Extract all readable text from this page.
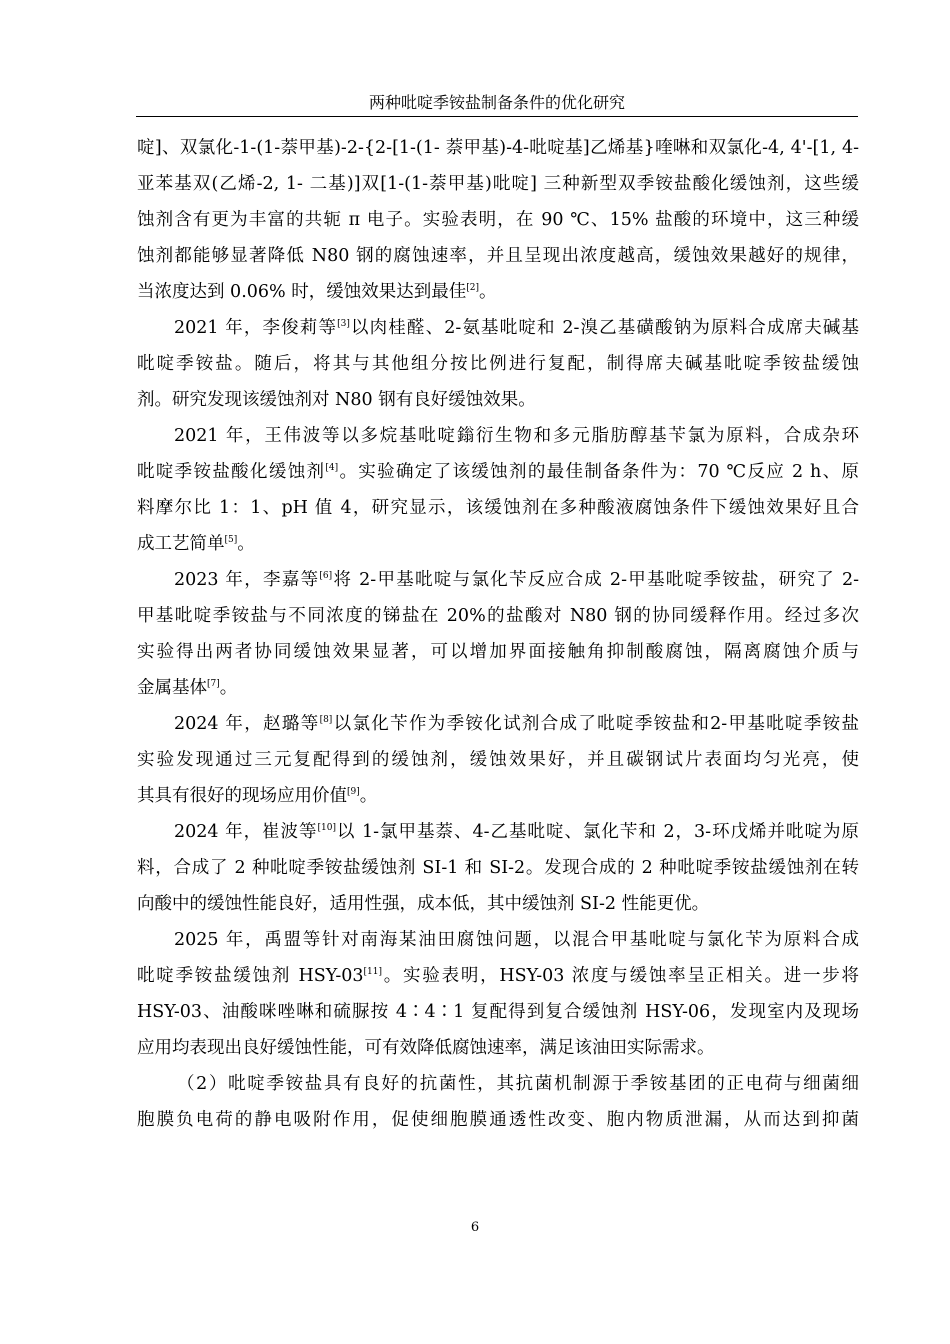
两种吡啶季铵盐制备条件的优化研究
啶]、双氯化-1-(1-萘甲基)-2-{2-[1-(1- 萘甲基)-4-吡啶基]乙烯基}喹啉和双氯化-4, 4'-[1, 4-
亚苯基双(乙烯-2, 1- 二基)]双[1-(1-萘甲基)吡啶] 三种新型双季铵盐酸化缓蚀剂，这些缓
蚀剂含有更为丰富的共轭 π 电子。实验表明，在 90 ℃、15% 盐酸的环境中，这三种缓
蚀剂都能够显著降低 N80 钢的腐蚀速率，并且呈现出浓度越高，缓蚀效果越好的规律，
当浓度达到 0.06% 时，缓蚀效果达到最佳[2]。
2021 年，李俊莉等[3]以肉桂醛、2-氨基吡啶和 2-溴乙基磺酸钠为原料合成席夫碱基
吡啶季铵盐。随后，将其与其他组分按比例进行复配，制得席夫碱基吡啶季铵盐缓蚀
剂。研究发现该缓蚀剂对 N80 钢有良好缓蚀效果。
2021 年，王伟波等以多烷基吡啶鎓衍生物和多元脂肪醇基苄氯为原料，合成杂环
吡啶季铵盐酸化缓蚀剂[4]。实验确定了该缓蚀剂的最佳制备条件为：70 ℃反应 2 h、原
料摩尔比 1：1、pH 值 4，研究显示，该缓蚀剂在多种酸液腐蚀条件下缓蚀效果好且合
成工艺简单[5]。
2023 年，李嘉等[6]将 2-甲基吡啶与氯化苄反应合成 2-甲基吡啶季铵盐，研究了 2-
甲基吡啶季铵盐与不同浓度的锑盐在 20%的盐酸对 N80 钢的协同缓释作用。经过多次
实验得出两者协同缓蚀效果显著，可以增加界面接触角抑制酸腐蚀，隔离腐蚀介质与
金属基体[7]。
2024 年，赵璐等[8]以氯化苄作为季铵化试剂合成了吡啶季铵盐和2-甲基吡啶季铵盐
实验发现通过三元复配得到的缓蚀剂，缓蚀效果好，并且碳钢试片表面均匀光亮，使
其具有很好的现场应用价值[9]。
2024 年，崔波等[10]以 1-氯甲基萘、4-乙基吡啶、氯化苄和 2，3-环戊烯并吡啶为原
料，合成了 2 种吡啶季铵盐缓蚀剂 SI-1 和 SI-2。发现合成的 2 种吡啶季铵盐缓蚀剂在转
向酸中的缓蚀性能良好，适用性强，成本低，其中缓蚀剂 SI-2 性能更优。
2025 年，禹盟等针对南海某油田腐蚀问题，以混合甲基吡啶与氯化苄为原料合成
吡啶季铵盐缓蚀剂 HSY-03[11]。实验表明，HSY-03 浓度与缓蚀率呈正相关。进一步将
HSY-03、油酸咪唑啉和硫脲按 4∶4∶1 复配得到复合缓蚀剂 HSY-06，发现室内及现场
应用均表现出良好缓蚀性能，可有效降低腐蚀速率，满足该油田实际需求。
（2）吡啶季铵盐具有良好的抗菌性，其抗菌机制源于季铵基团的正电荷与细菌细
胞膜负电荷的静电吸附作用，促使细胞膜通透性改变、胞内物质泄漏，从而达到抑菌
6
